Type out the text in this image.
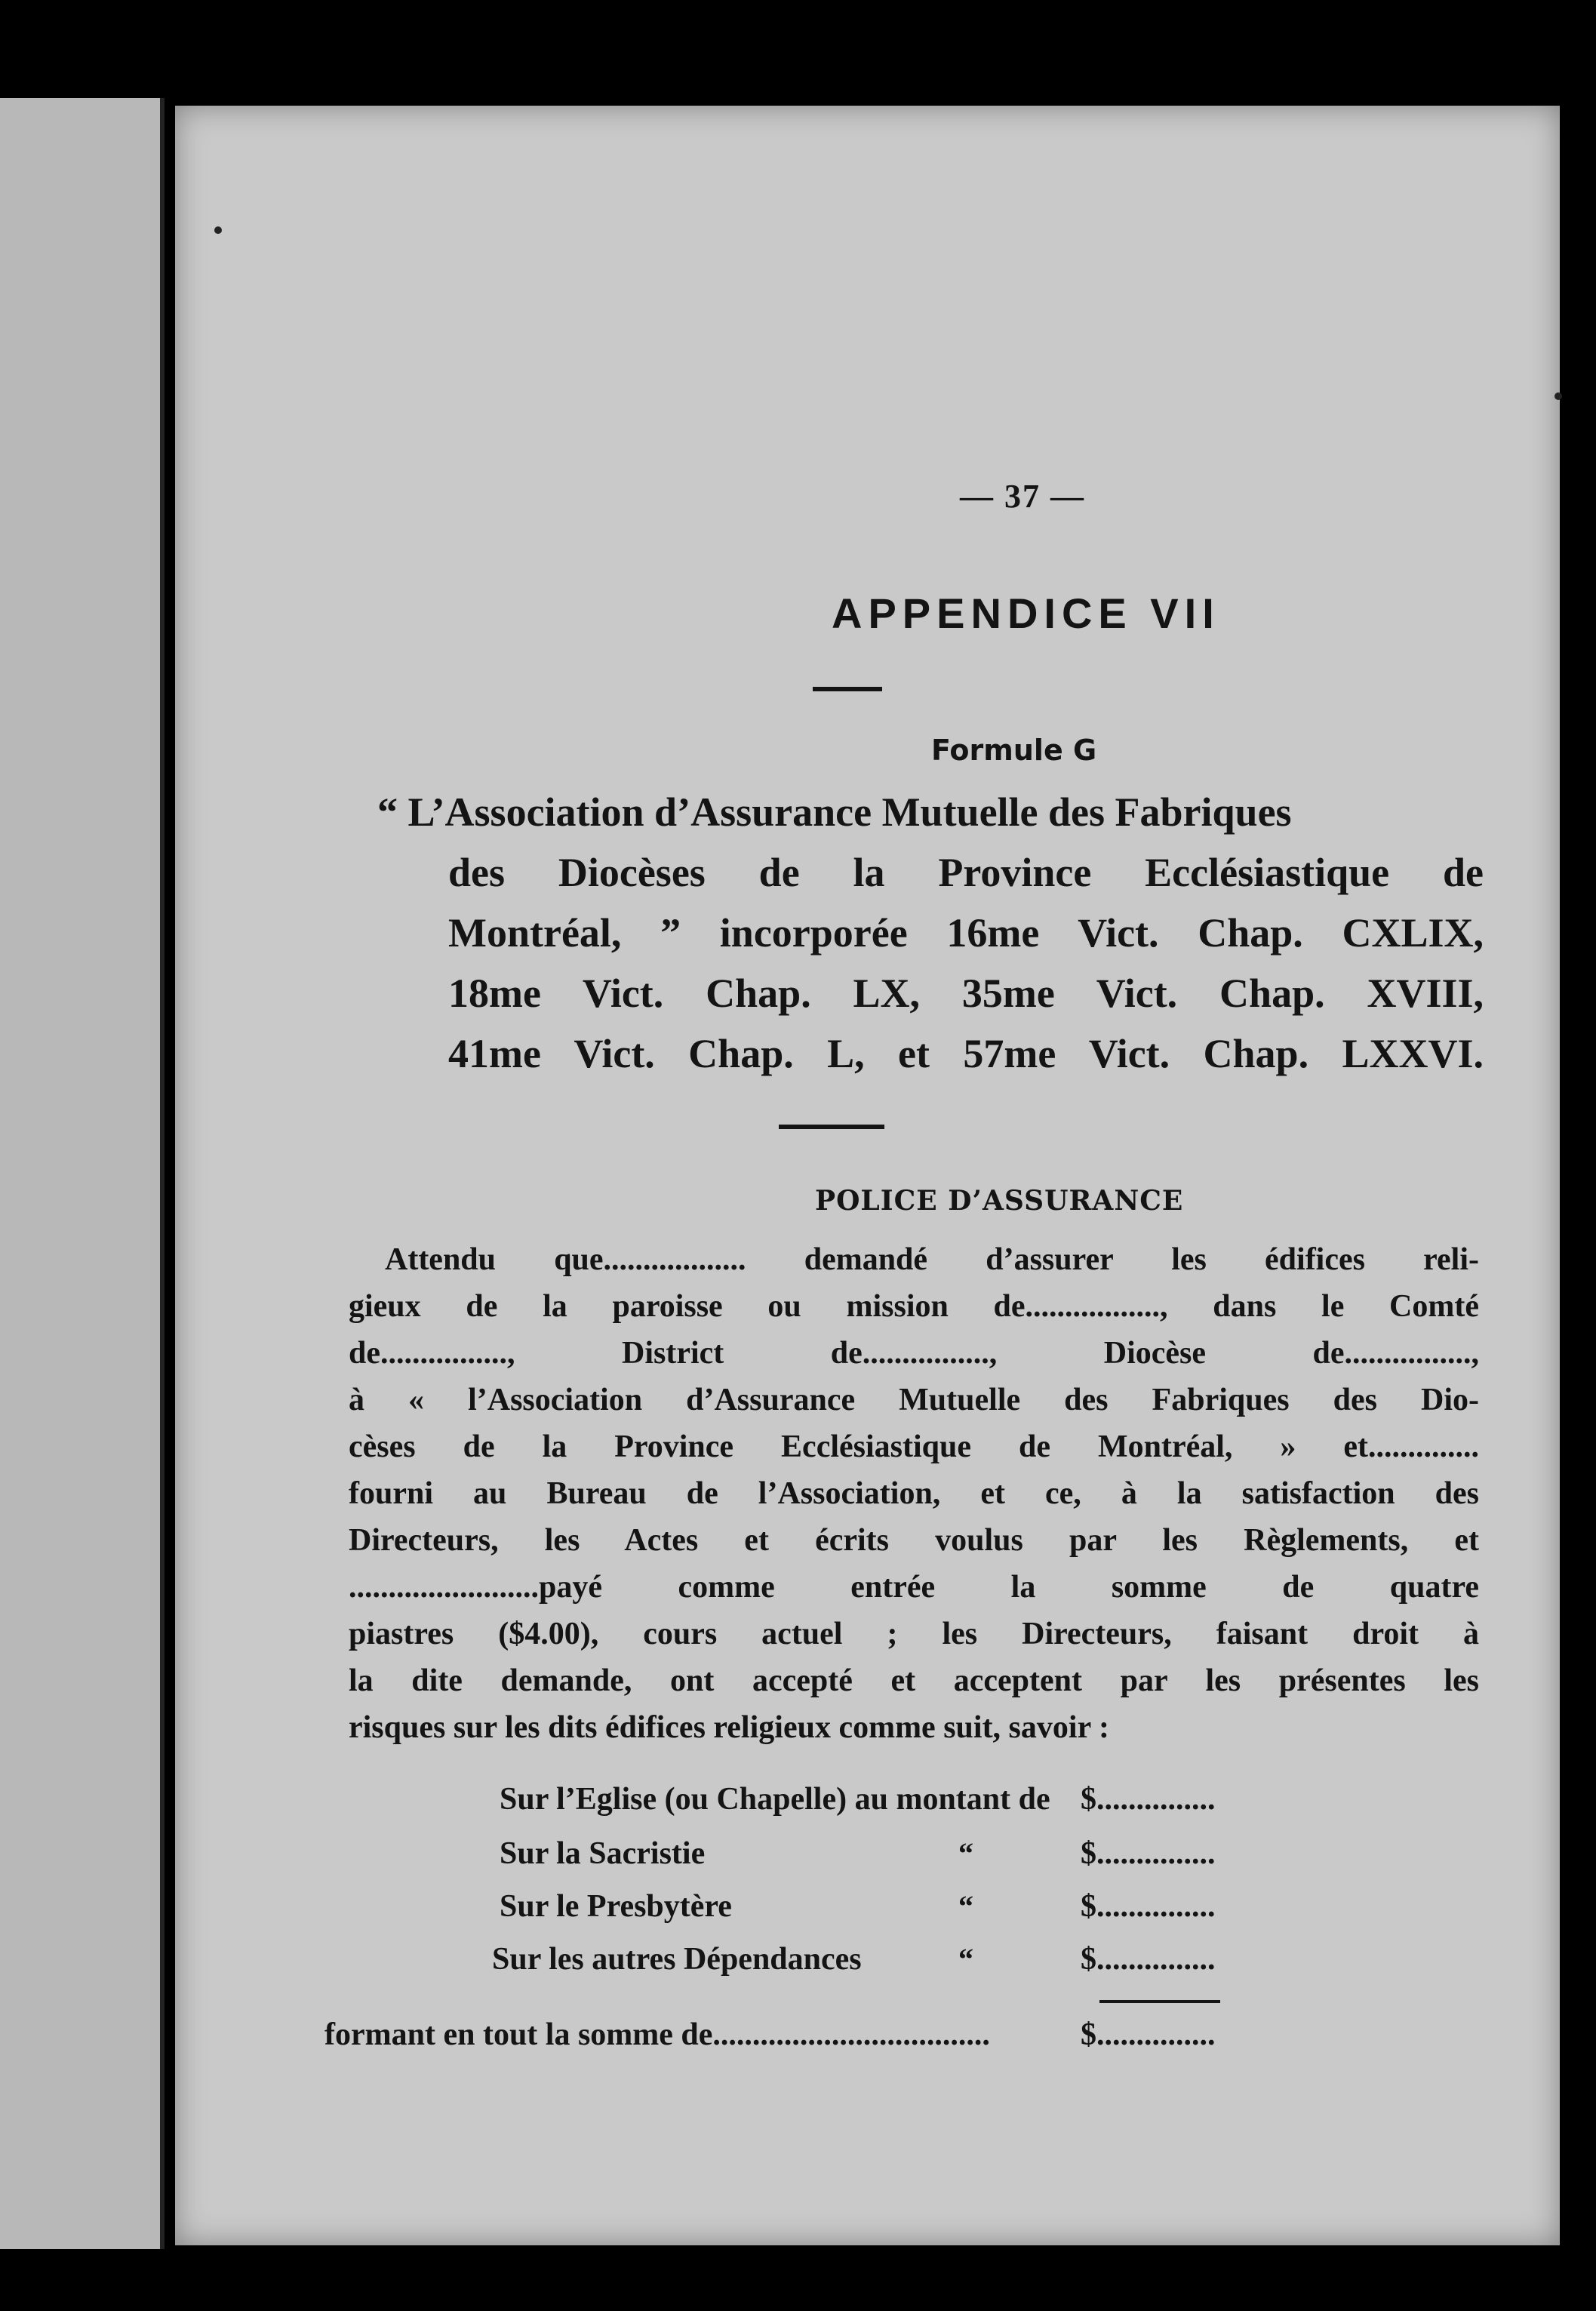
— 37 —
APPENDICE VII
Formule G
“ L’Association d’Assurance Mutuelle des Fabriques
des Diocèses de la Province Ecclésiastique de
Montréal, ” incorporée 16me Vict. Chap. CXLIX,
18me Vict. Chap. LX, 35me Vict. Chap. XVIII,
41me Vict. Chap. L, et 57me Vict. Chap. LXXVI.
POLICE D’ASSURANCE
Attendu que.................. demandé d’assurer les édifices reli-
gieux de la paroisse ou mission de................., dans le Comté
de................, District de................, Diocèse de................,
à « l’Association d’Assurance Mutuelle des Fabriques des Dio-
cèses de la Province Ecclésiastique de Montréal, » et..............
fourni au Bureau de l’Association, et ce, à la satisfaction des
Directeurs, les Actes et écrits voulus par les Règlements, et
........................payé comme entrée la somme de quatre
piastres ($4.00), cours actuel ; les Directeurs, faisant droit à
la dite demande, ont accepté et acceptent par les présentes les
risques sur les dits édifices religieux comme suit, savoir :
Sur l’Eglise (ou Chapelle) au montant de $...............
Sur la Sacristie	“	$...............
Sur le Presbytère	“	$...............
Sur les autres Dépendances	“	$...............
formant en tout la somme de...................................	$...............
